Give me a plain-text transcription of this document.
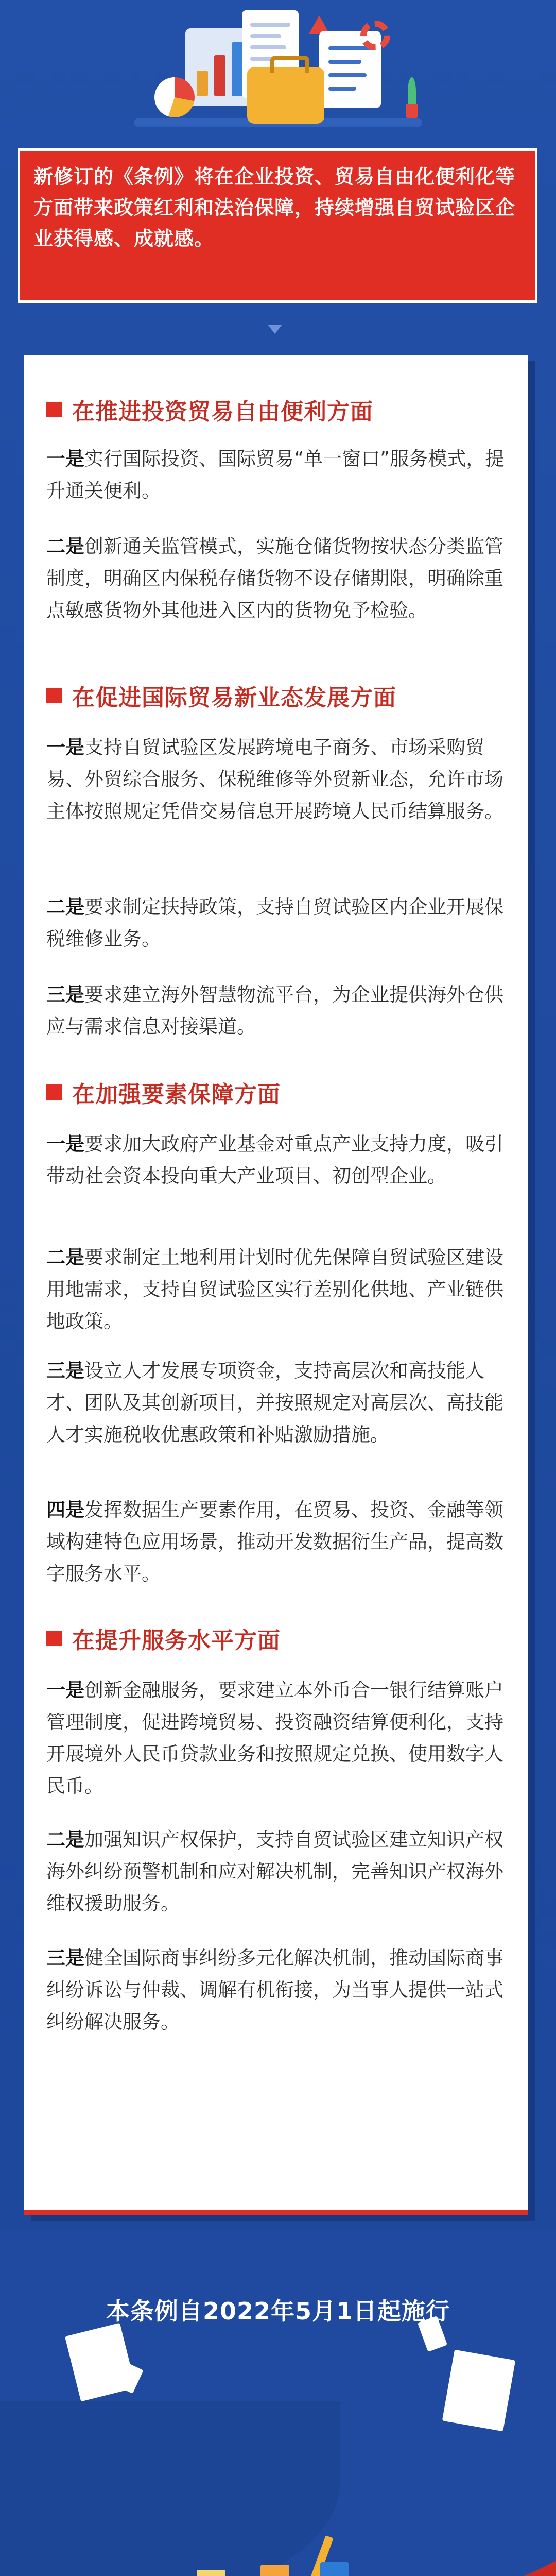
新修订的《条例》将在企业投资、贸易自由化便利化等方面带来政策红利和法治保障，持续增强自贸试验区企业获得感、成就感。

在推进投资贸易自由便利方面
一是实行国际投资、国际贸易“单一窗口”服务模式，提升通关便利。
二是创新通关监管模式，实施仓储货物按状态分类监管制度，明确区内保税存储货物不设存储期限，明确除重点敏感货物外其他进入区内的货物免予检验。
在促进国际贸易新业态发展方面
一是支持自贸试验区发展跨境电子商务、市场采购贸易、外贸综合服务、保税维修等外贸新业态，允许市场主体按照规定凭借交易信息开展跨境人民币结算服务。
二是要求制定扶持政策，支持自贸试验区内企业开展保税维修业务。
三是要求建立海外智慧物流平台，为企业提供海外仓供应与需求信息对接渠道。
在加强要素保障方面
一是要求加大政府产业基金对重点产业支持力度，吸引带动社会资本投向重大产业项目、初创型企业。
二是要求制定土地利用计划时优先保障自贸试验区建设用地需求，支持自贸试验区实行差别化供地、产业链供地政策。
三是设立人才发展专项资金，支持高层次和高技能人才、团队及其创新项目，并按照规定对高层次、高技能人才实施税收优惠政策和补贴激励措施。
四是发挥数据生产要素作用，在贸易、投资、金融等领域构建特色应用场景，推动开发数据衍生产品，提高数字服务水平。
在提升服务水平方面
一是创新金融服务，要求建立本外币合一银行结算账户管理制度，促进跨境贸易、投资融资结算便利化，支持开展境外人民币贷款业务和按照规定兑换、使用数字人民币。
二是加强知识产权保护，支持自贸试验区建立知识产权海外纠纷预警机制和应对解决机制，完善知识产权海外维权援助服务。
三是健全国际商事纠纷多元化解决机制，推动国际商事纠纷诉讼与仲裁、调解有机衔接，为当事人提供一站式纠纷解决服务。
本条例自2022年5月1日起施行
